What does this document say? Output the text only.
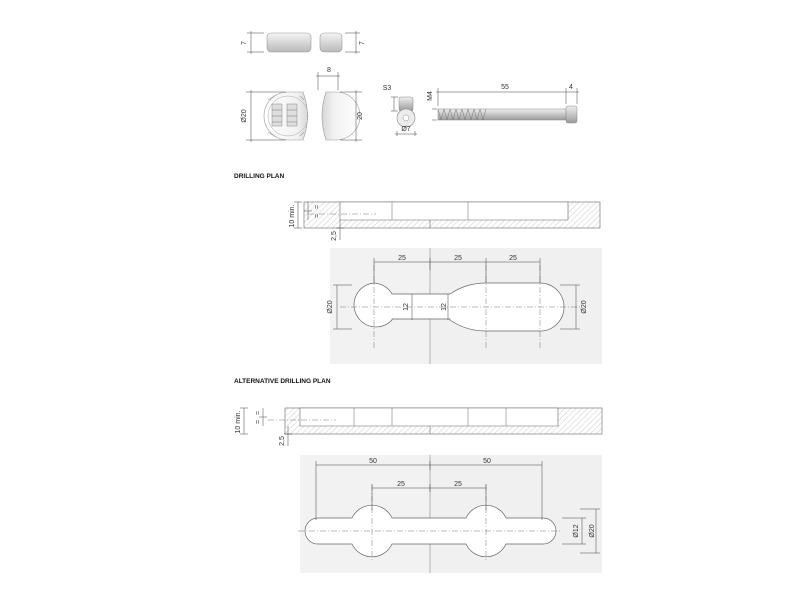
7	7
Ø20
8
20
S3
Ø7
55	4
M4
DRILLING PLAN
10 min.	=
=
2,5
25	25	25
Ø20	12	12	Ø20
ALTERNATIVE DRILLING PLAN
10 min. =
=
2,5
50	50
25	25
Ø12 Ø20
